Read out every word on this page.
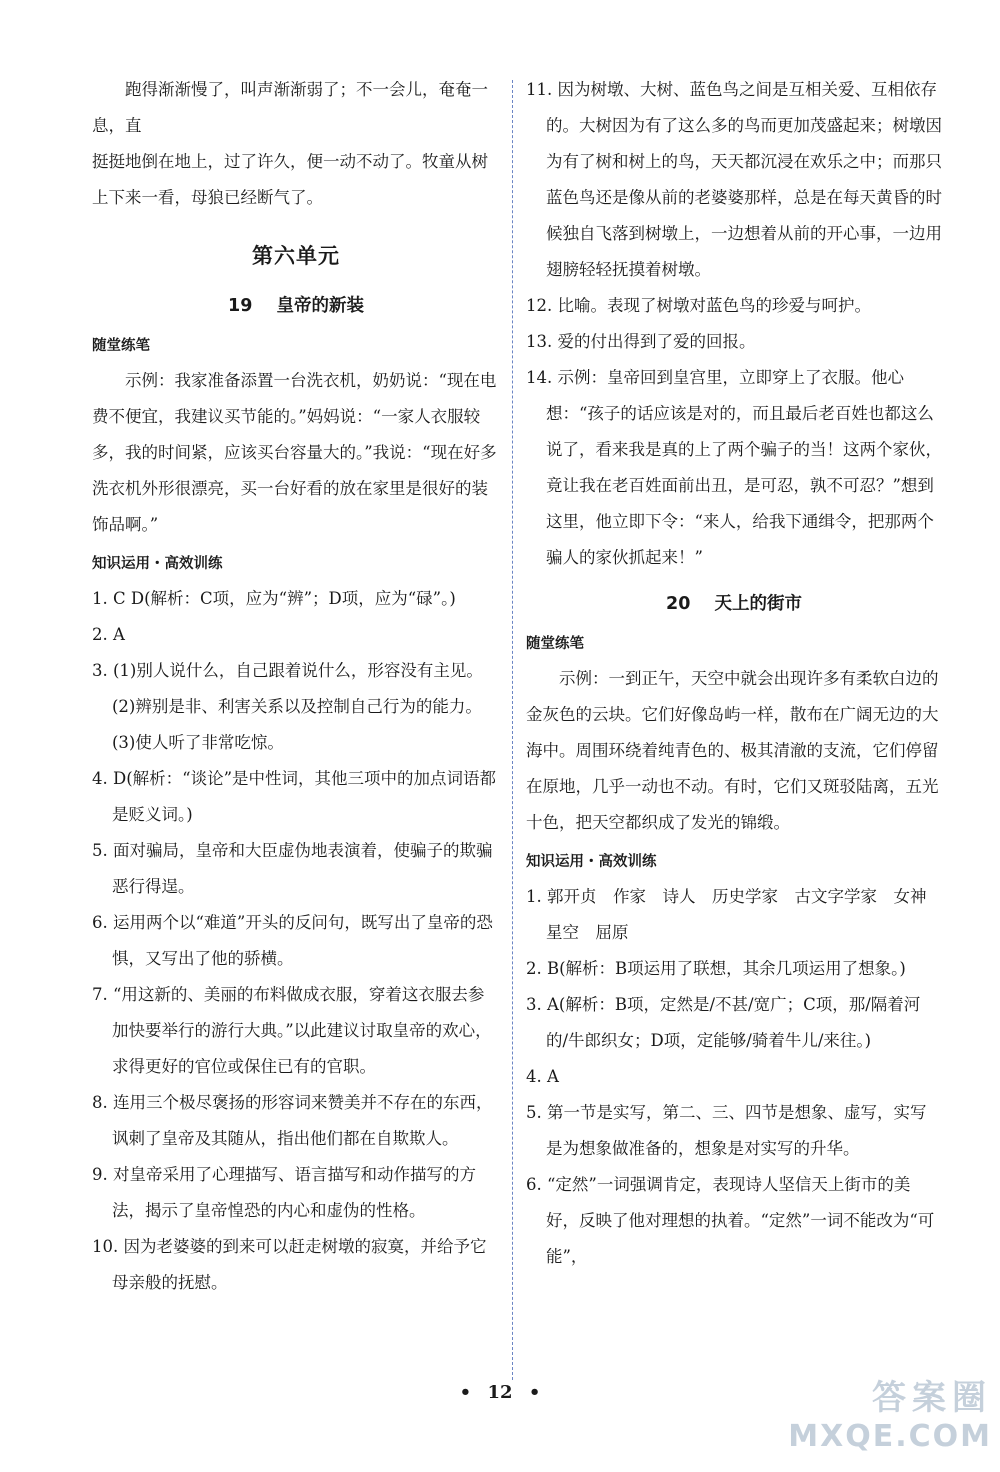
跑得渐渐慢了，叫声渐渐弱了；不一会儿，奄奄一息，直

挺挺地倒在地上，过了许久，便一动不动了。牧童从树

上下来一看，母狼已经断气了。

第六单元
19 皇帝的新装
随堂练笔

示例：我家准备添置一台洗衣机，奶奶说：“现在电费不便宜，我建议买节能的。”妈妈说：“一家人衣服较多，我的时间紧，应该买台容量大的。”我说：“现在好多洗衣机外形很漂亮，买一台好看的放在家里是很好的装饰品啊。”

知识运用・高效训练

1. C D(解析：C项，应为“辨”；D项，应为“碌”。)

2. A

3. (1)别人说什么，自己跟着说什么，形容没有主见。

(2)辨别是非、利害关系以及控制自己行为的能力。

(3)使人听了非常吃惊。

4. D(解析：“谈论”是中性词，其他三项中的加点词语都是贬义词。)

5. 面对骗局，皇帝和大臣虚伪地表演着，使骗子的欺骗恶行得逞。

6. 运用两个以“难道”开头的反问句，既写出了皇帝的恐惧，又写出了他的骄横。

7. “用这新的、美丽的布料做成衣服，穿着这衣服去参加快要举行的游行大典。”以此建议讨取皇帝的欢心，求得更好的官位或保住已有的官职。

8. 连用三个极尽褒扬的形容词来赞美并不存在的东西，讽刺了皇帝及其随从，指出他们都在自欺欺人。

9. 对皇帝采用了心理描写、语言描写和动作描写的方法，揭示了皇帝惶恐的内心和虚伪的性格。

10. 因为老婆婆的到来可以赶走树墩的寂寞，并给予它母亲般的抚慰。

11. 因为树墩、大树、蓝色鸟之间是互相关爱、互相依存的。大树因为有了这么多的鸟而更加茂盛起来；树墩因为有了树和树上的鸟，天天都沉浸在欢乐之中；而那只蓝色鸟还是像从前的老婆婆那样，总是在每天黄昏的时候独自飞落到树墩上，一边想着从前的开心事，一边用翅膀轻轻抚摸着树墩。

12. 比喻。表现了树墩对蓝色鸟的珍爱与呵护。

13. 爱的付出得到了爱的回报。

14. 示例：皇帝回到皇宫里，立即穿上了衣服。他心想：“孩子的话应该是对的，而且最后老百姓也都这么说了，看来我是真的上了两个骗子的当！这两个家伙，竟让我在老百姓面前出丑，是可忍，孰不可忍？”想到这里，他立即下令：“来人，给我下通缉令，把那两个骗人的家伙抓起来！”

20 天上的街市
随堂练笔

示例：一到正午，天空中就会出现许多有柔软白边的金灰色的云块。它们好像岛屿一样，散布在广阔无边的大海中。周围环绕着纯青色的、极其清澈的支流，它们停留在原地，几乎一动也不动。有时，它们又斑驳陆离，五光十色，把天空都织成了发光的锦缎。

知识运用・高效训练

1. 郭开贞　作家　诗人　历史学家　古文字学家　女神　星空　屈原

2. B(解析：B项运用了联想，其余几项运用了想象。)

3. A(解析：B项，定然是/不甚/宽广；C项，那/隔着河的/牛郎织女；D项，定能够/骑着牛儿/来往。)

4. A

5. 第一节是实写，第二、三、四节是想象、虚写，实写是为想象做准备的，想象是对实写的升华。

6. “定然”一词强调肯定，表现诗人坚信天上街市的美好，反映了他对理想的执着。“定然”一词不能改为“可能”，

• 12 •	答案圈
MXQE.COM
